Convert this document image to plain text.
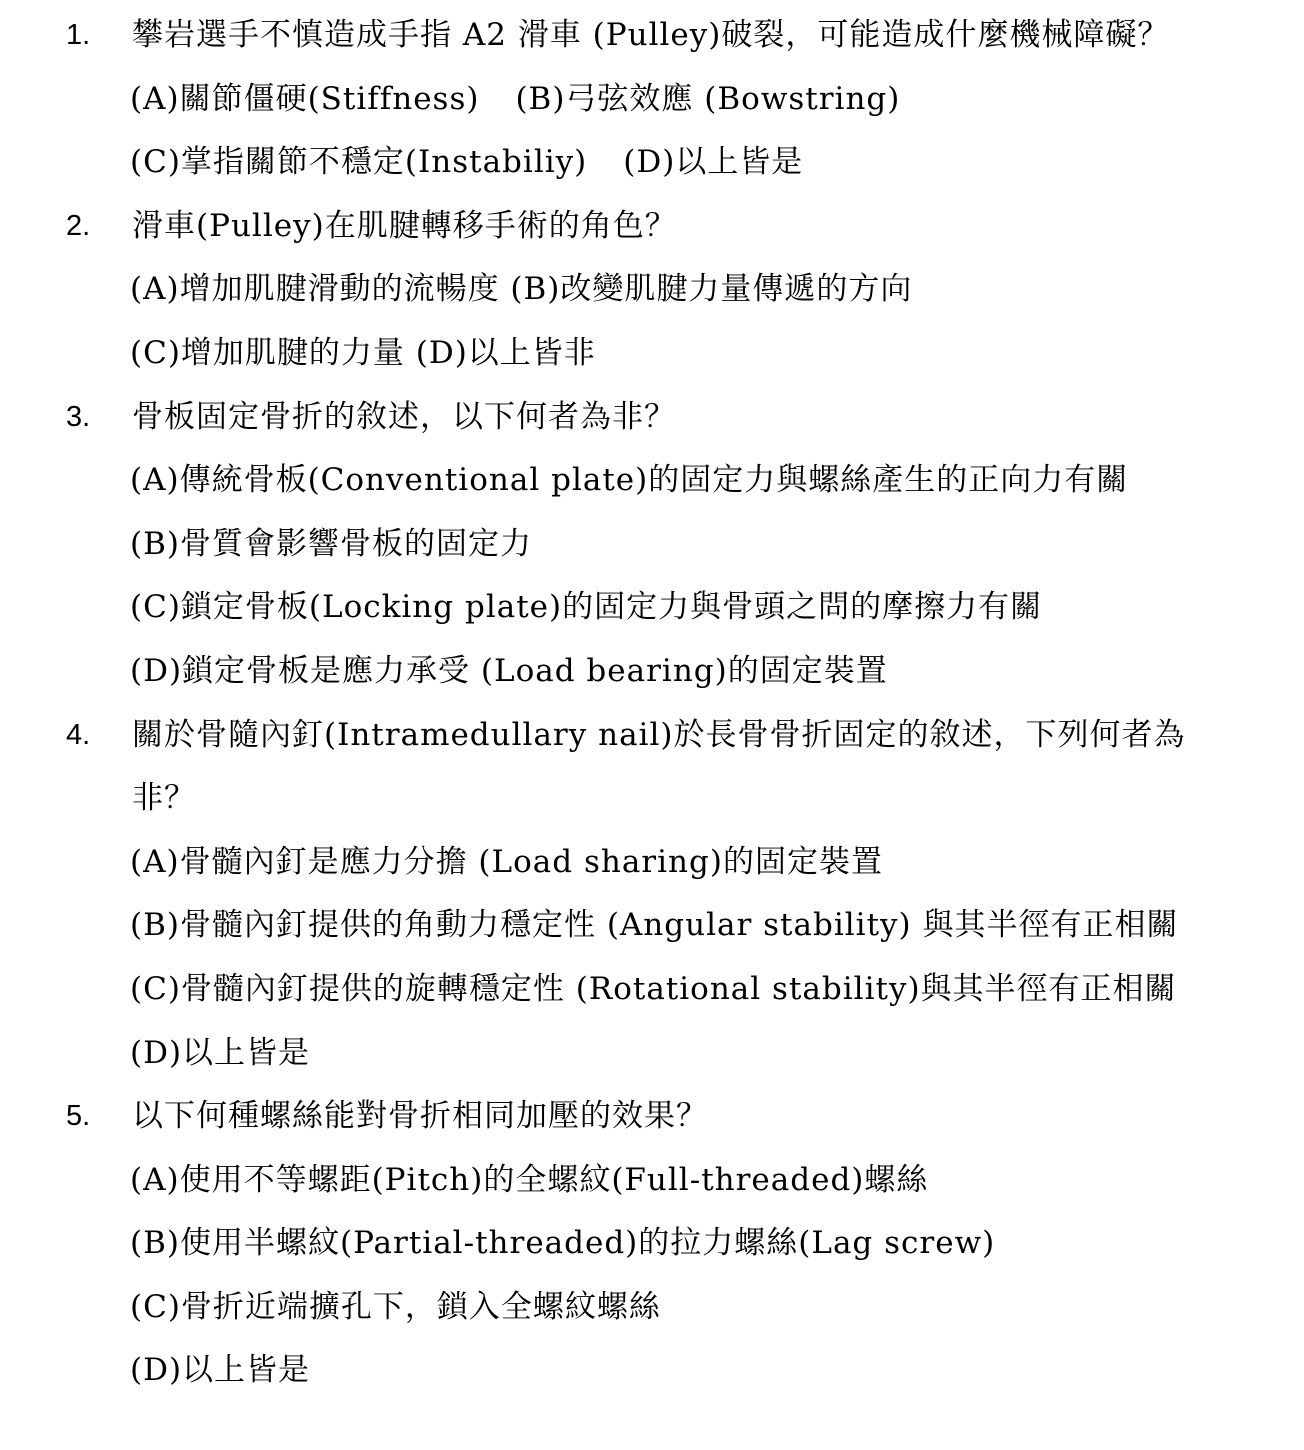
1. 攀岩選手不慎造成手指 A2 滑車 (Pulley)破裂，可能造成什麼機械障礙？
(A)關節僵硬(Stiffness) (B)弓弦效應 (Bowstring)
(C)掌指關節不穩定(Instabiliy) (D)以上皆是
2. 滑車(Pulley)在肌腱轉移手術的角色？
(A)增加肌腱滑動的流暢度 (B)改變肌腱力量傳遞的方向
(C)增加肌腱的力量 (D)以上皆非
3. 骨板固定骨折的敘述，以下何者為非？
(A)傳統骨板(Conventional plate)的固定力與螺絲產生的正向力有關
(B)骨質會影響骨板的固定力
(C)鎖定骨板(Locking plate)的固定力與骨頭之問的摩擦力有關
(D)鎖定骨板是應力承受 (Load bearing)的固定裝置
4. 關於骨隨內釘(Intramedullary nail)於長骨骨折固定的敘述，下列何者為
非？
(A)骨髓內釘是應力分擔 (Load sharing)的固定裝置
(B)骨髓內釘提供的角動力穩定性 (Angular stability) 與其半徑有正相關
(C)骨髓內釘提供的旋轉穩定性 (Rotational stability)與其半徑有正相關
(D)以上皆是
5. 以下何種螺絲能對骨折相同加壓的效果？
(A)使用不等螺距(Pitch)的全螺紋(Full-threaded)螺絲
(B)使用半螺紋(Partial-threaded)的拉力螺絲(Lag screw)
(C)骨折近端擴孔下，鎖入全螺紋螺絲
(D)以上皆是
